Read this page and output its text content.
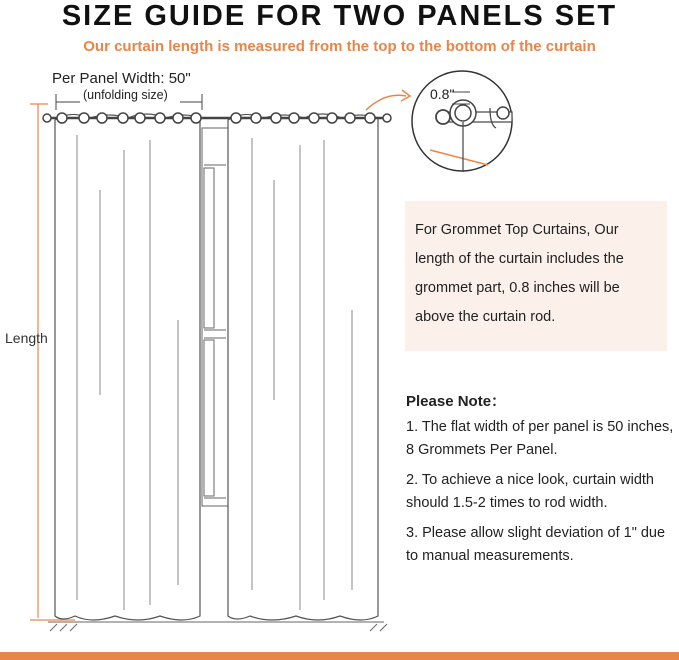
SIZE GUIDE FOR TWO PANELS SET
Our curtain length is measured from the top to the bottom of the curtain
Per Panel Width: 50"
(unfolding size)
Length
0.8"

For Grommet Top Curtains, Our length of the curtain includes the grommet part, 0.8 inches will be above the curtain rod.

Please Note：
1. The flat width of per panel is 50 inches, 8 Grommets Per Panel.
2. To achieve a nice look, curtain width should 1.5-2 times to rod width.
3. Please allow slight deviation of 1" due to manual measurements.
